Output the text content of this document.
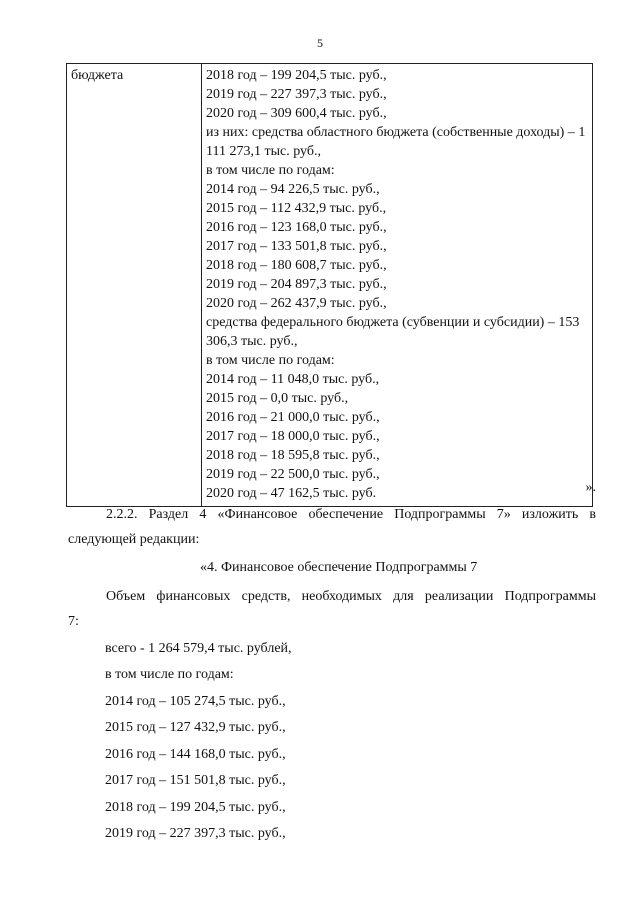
5
бюджета	2018 год – 199 204,5 тыс. руб.,
2019 год – 227 397,3 тыс. руб.,
2020 год – 309 600,4 тыс. руб.,
из них: средства областного бюджета (собственные доходы) – 1 111 273,1 тыс. руб.,
в том числе по годам:
2014 год – 94 226,5 тыс. руб.,
2015 год – 112 432,9 тыс. руб.,
2016 год – 123 168,0 тыс. руб.,
2017 год – 133 501,8 тыс. руб.,
2018 год – 180 608,7 тыс. руб.,
2019 год – 204 897,3 тыс. руб.,
2020 год – 262 437,9 тыс. руб.,
средства федерального бюджета (субвенции и субсидии) – 153 306,3 тыс. руб.,
в том числе по годам:
2014 год – 11 048,0 тыс. руб.,
2015 год – 0,0 тыс. руб.,
2016 год – 21 000,0 тыс. руб.,
2017 год – 18 000,0 тыс. руб.,
2018 год – 18 595,8 тыс. руб.,
2019 год – 22 500,0 тыс. руб.,
2020 год – 47 162,5 тыс. руб.	».
2.2.2. Раздел 4 «Финансовое обеспечение Подпрограммы 7» изложить в
следующей редакции:
«4. Финансовое обеспечение Подпрограммы 7
Объем финансовых средств, необходимых для реализации Подпрограммы
7:
всего - 1 264 579,4 тыс. рублей,
в том числе по годам:
2014 год – 105 274,5 тыс. руб.,
2015 год – 127 432,9 тыс. руб.,
2016 год – 144 168,0 тыс. руб.,
2017 год – 151 501,8 тыс. руб.,
2018 год – 199 204,5 тыс. руб.,
2019 год – 227 397,3 тыс. руб.,
